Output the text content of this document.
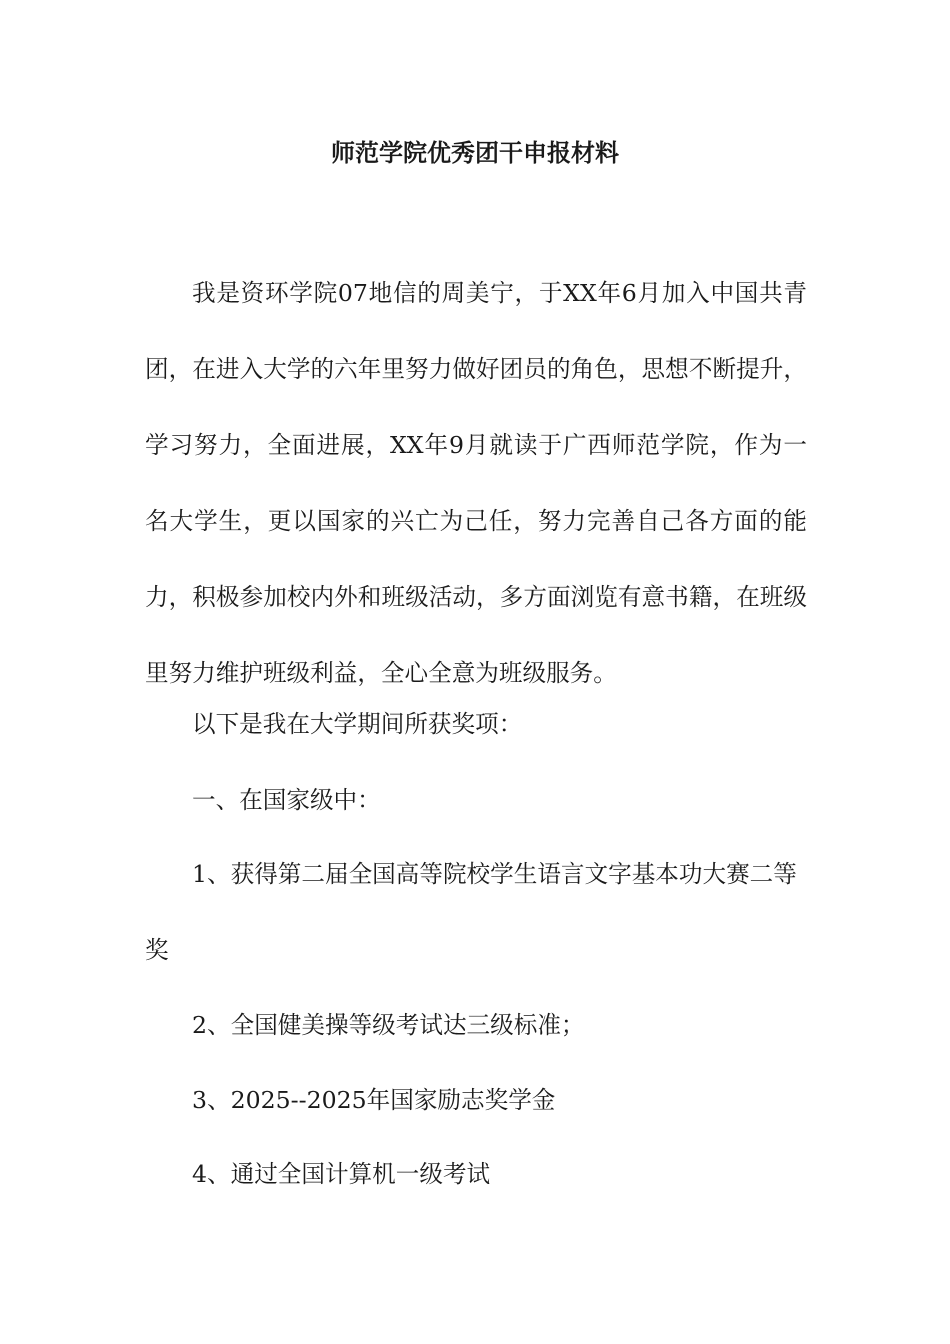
师范学院优秀团干申报材料

我是资环学院07地信的周美宁，于XX年6月加入中国共青团，在进入大学的六年里努力做好团员的角色，思想不断提升，学习努力，全面进展，XX年9月就读于广西师范学院，作为一名大学生，更以国家的兴亡为己任，努力完善自己各方面的能力，积极参加校内外和班级活动，多方面浏览有意书籍，在班级里努力维护班级利益，全心全意为班级服务。

以下是我在大学期间所获奖项：

一、在国家级中：

1、获得第二届全国高等院校学生语言文字基本功大赛二等奖

2、全国健美操等级考试达三级标准；

3、2025--2025年国家励志奖学金

4、通过全国计算机一级考试
